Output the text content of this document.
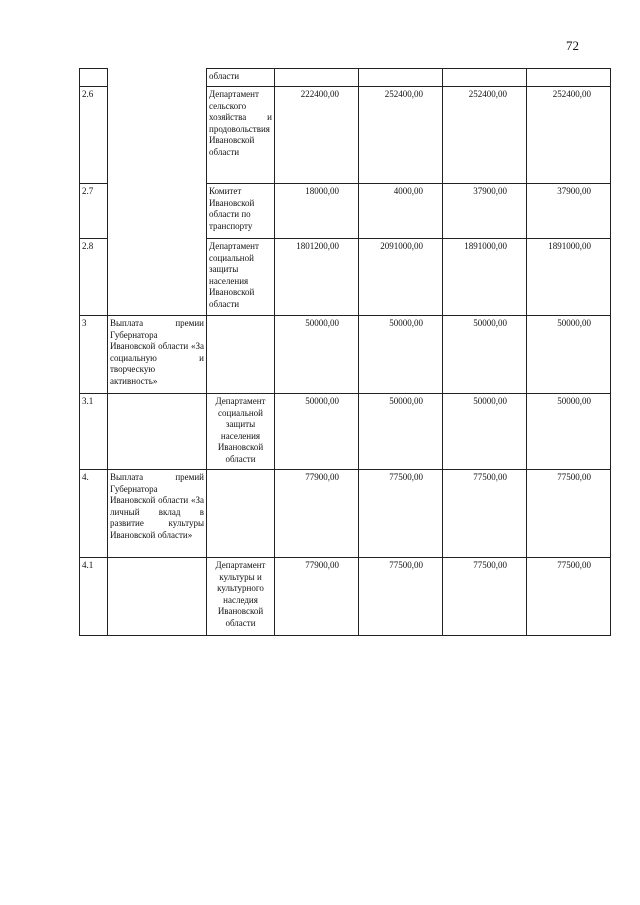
72
		области				
2.6		Департамент сельского хозяйства и продовольствия Ивановской области	222400,00	252400,00	252400,00	252400,00
2.7		Комитет Ивановской области по транспорту	18000,00	4000,00	37900,00	37900,00
2.8		Департамент социальной защиты населения Ивановской области	1801200,00	2091000,00	1891000,00	1891000,00
3	Выплата премии Губернатора Ивановской области «За социальную и творческую активность»		50000,00	50000,00	50000,00	50000,00
3.1		Департамент социальной защиты населения Ивановской области	50000,00	50000,00	50000,00	50000,00
4.	Выплата премий Губернатора Ивановской области «За личный вклад в развитие культуры Ивановской области»		77900,00	77500,00	77500,00	77500,00
4.1		Департамент культуры и культурного наследия Ивановской области	77900,00	77500,00	77500,00	77500,00
